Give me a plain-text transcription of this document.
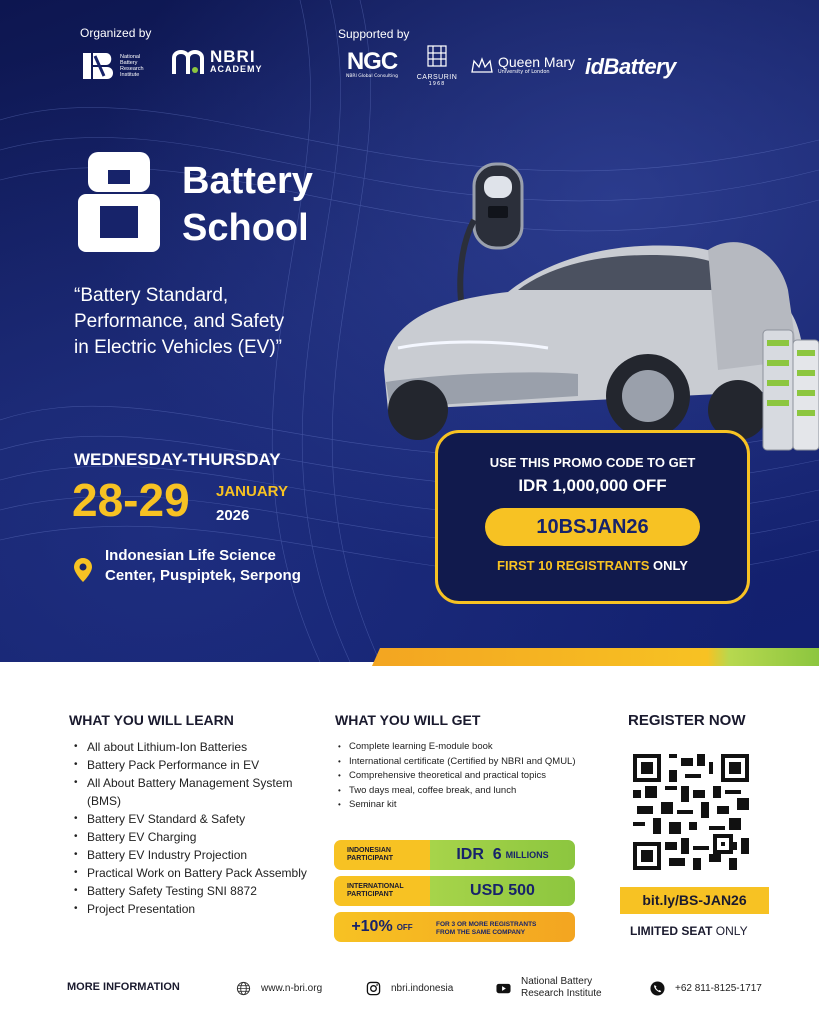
Organized by	Supported by
National
Battery
Research
Institute
NBRI
ACADEMY	NGC
NBRI Global Consulting	CARSURIN
1968
Queen Mary
University of London	idBattery
Battery
School
“Battery Standard,
Performance, and Safety
in Electric Vehicles (EV)”
WEDNESDAY-THURSDAY
28-29 JANUARY
2026
Indonesian Life Science
Center, Puspiptek, Serpong
USE THIS PROMO CODE TO GET
IDR 1,000,000 OFF
10BSJAN26
FIRST 10 REGISTRANTS ONLY
WHAT YOU WILL LEARN
• All about Lithium-Ion Batteries
• Battery Pack Performance in EV
• All About Battery Management System (BMS)
• Battery EV Standard & Safety
• Battery EV Charging
• Battery EV Industry Projection
• Practical Work on Battery Pack Assembly
• Battery Safety Testing SNI 8872
• Project Presentation
WHAT YOU WILL GET
• Complete learning E-module book
• International certificate (Certified by NBRI and QMUL)
• Comprehensive theoretical and practical topics
• Two days meal, coffee break, and lunch
• Seminar kit
INDONESIAN
PARTICIPANT	IDR  6 MILLIONS
INTERNATIONAL
PARTICIPANT	USD 500
+10% OFF	FOR 3 OR MORE REGISTRANTS
FROM THE SAME COMPANY
REGISTER NOW
bit.ly/BS-JAN26
LIMITED SEAT ONLY
MORE INFORMATION	www.n-bri.org	nbri.indonesia
National Battery
Research Institute	+62 811-8125-1717
